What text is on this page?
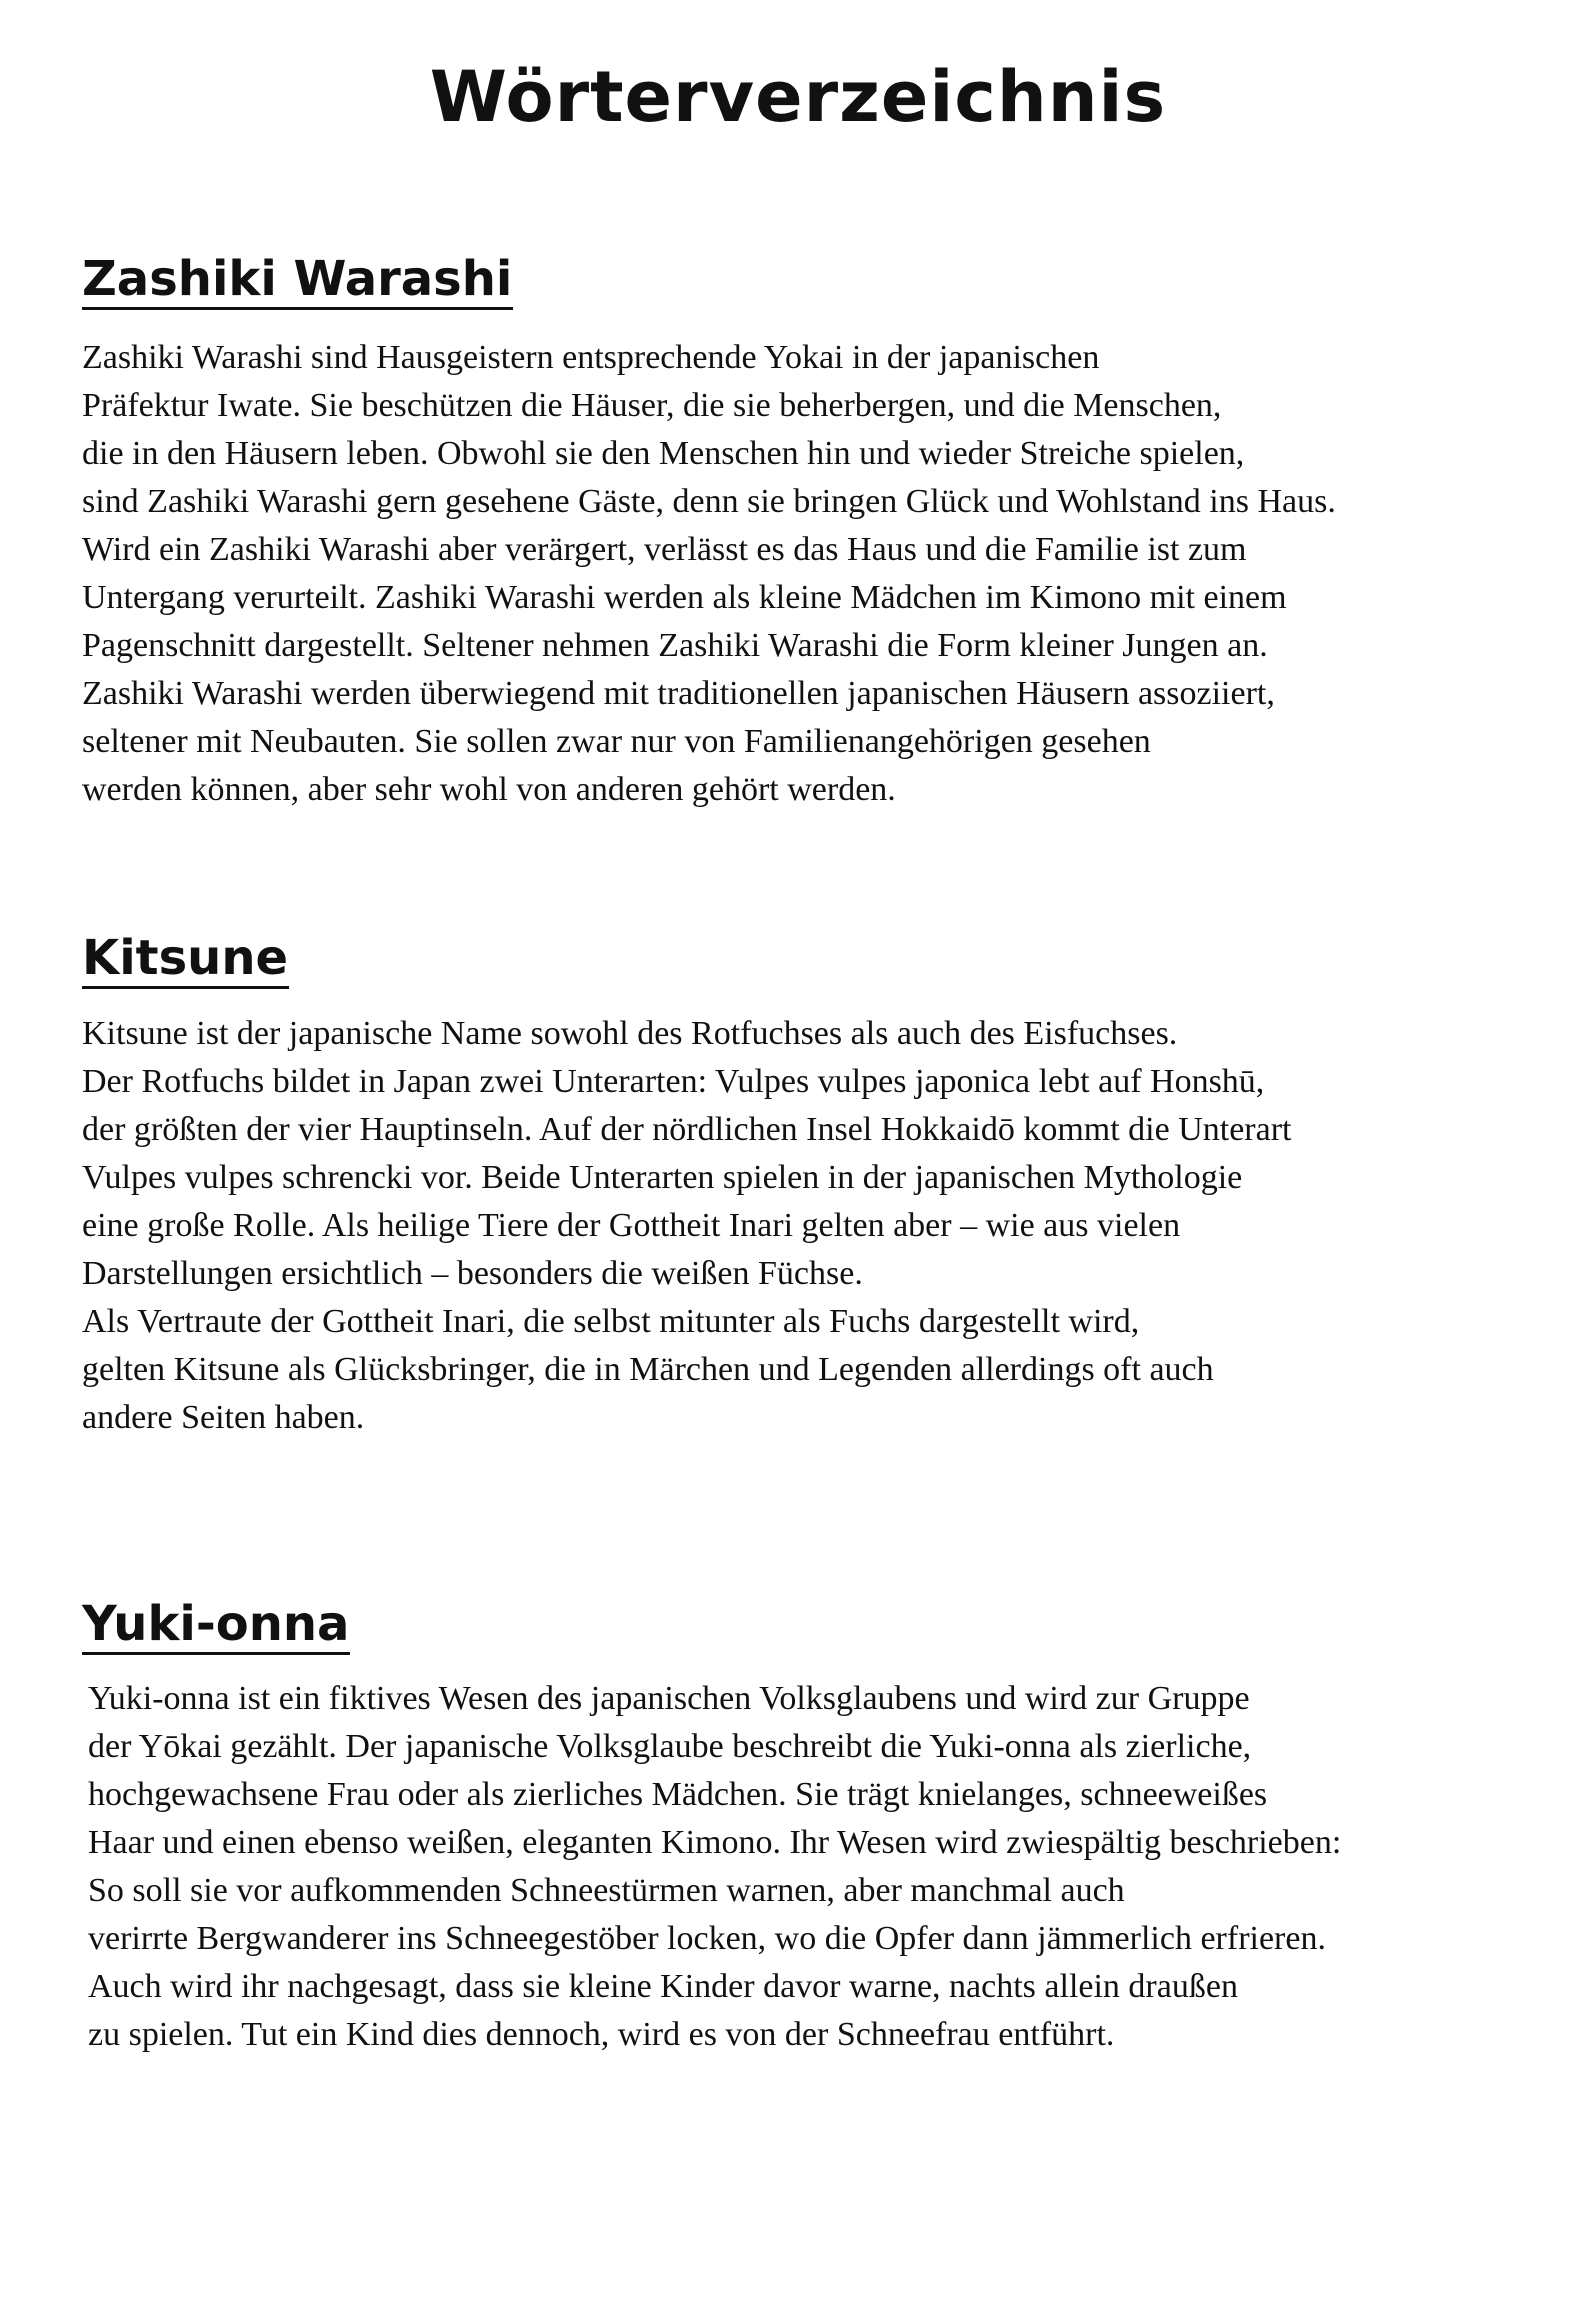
Wörterverzeichnis
Zashiki Warashi
Zashiki Warashi sind Hausgeistern entsprechende Yokai in der japanischen
Präfektur Iwate. Sie beschützen die Häuser, die sie beherbergen, und die Menschen,
die in den Häusern leben. Obwohl sie den Menschen hin und wieder Streiche spielen,
sind Zashiki Warashi gern gesehene Gäste, denn sie bringen Glück und Wohlstand ins Haus.
Wird ein Zashiki Warashi aber verärgert, verlässt es das Haus und die Familie ist zum
Untergang verurteilt. Zashiki Warashi werden als kleine Mädchen im Kimono mit einem
Pagenschnitt dargestellt. Seltener nehmen Zashiki Warashi die Form kleiner Jungen an.
Zashiki Warashi werden überwiegend mit traditionellen japanischen Häusern assoziiert,
seltener mit Neubauten. Sie sollen zwar nur von Familienangehörigen gesehen
werden können, aber sehr wohl von anderen gehört werden.
Kitsune
Kitsune ist der japanische Name sowohl des Rotfuchses als auch des Eisfuchses.
Der Rotfuchs bildet in Japan zwei Unterarten: Vulpes vulpes japonica lebt auf Honshū,
der größten der vier Hauptinseln. Auf der nördlichen Insel Hokkaidō kommt die Unterart
Vulpes vulpes schrencki vor. Beide Unterarten spielen in der japanischen Mythologie
eine große Rolle. Als heilige Tiere der Gottheit Inari gelten aber – wie aus vielen
Darstellungen ersichtlich – besonders die weißen Füchse.
Als Vertraute der Gottheit Inari, die selbst mitunter als Fuchs dargestellt wird,
gelten Kitsune als Glücksbringer, die in Märchen und Legenden allerdings oft auch
andere Seiten haben.
Yuki-onna
Yuki-onna ist ein fiktives Wesen des japanischen Volksglaubens und wird zur Gruppe
der Yōkai gezählt. Der japanische Volksglaube beschreibt die Yuki-onna als zierliche,
hochgewachsene Frau oder als zierliches Mädchen. Sie trägt knielanges, schneeweißes
Haar und einen ebenso weißen, eleganten Kimono. Ihr Wesen wird zwiespältig beschrieben:
So soll sie vor aufkommenden Schneestürmen warnen, aber manchmal auch
verirrte Bergwanderer ins Schneegestöber locken, wo die Opfer dann jämmerlich erfrieren.
Auch wird ihr nachgesagt, dass sie kleine Kinder davor warne, nachts allein draußen
zu spielen. Tut ein Kind dies dennoch, wird es von der Schneefrau entführt.
